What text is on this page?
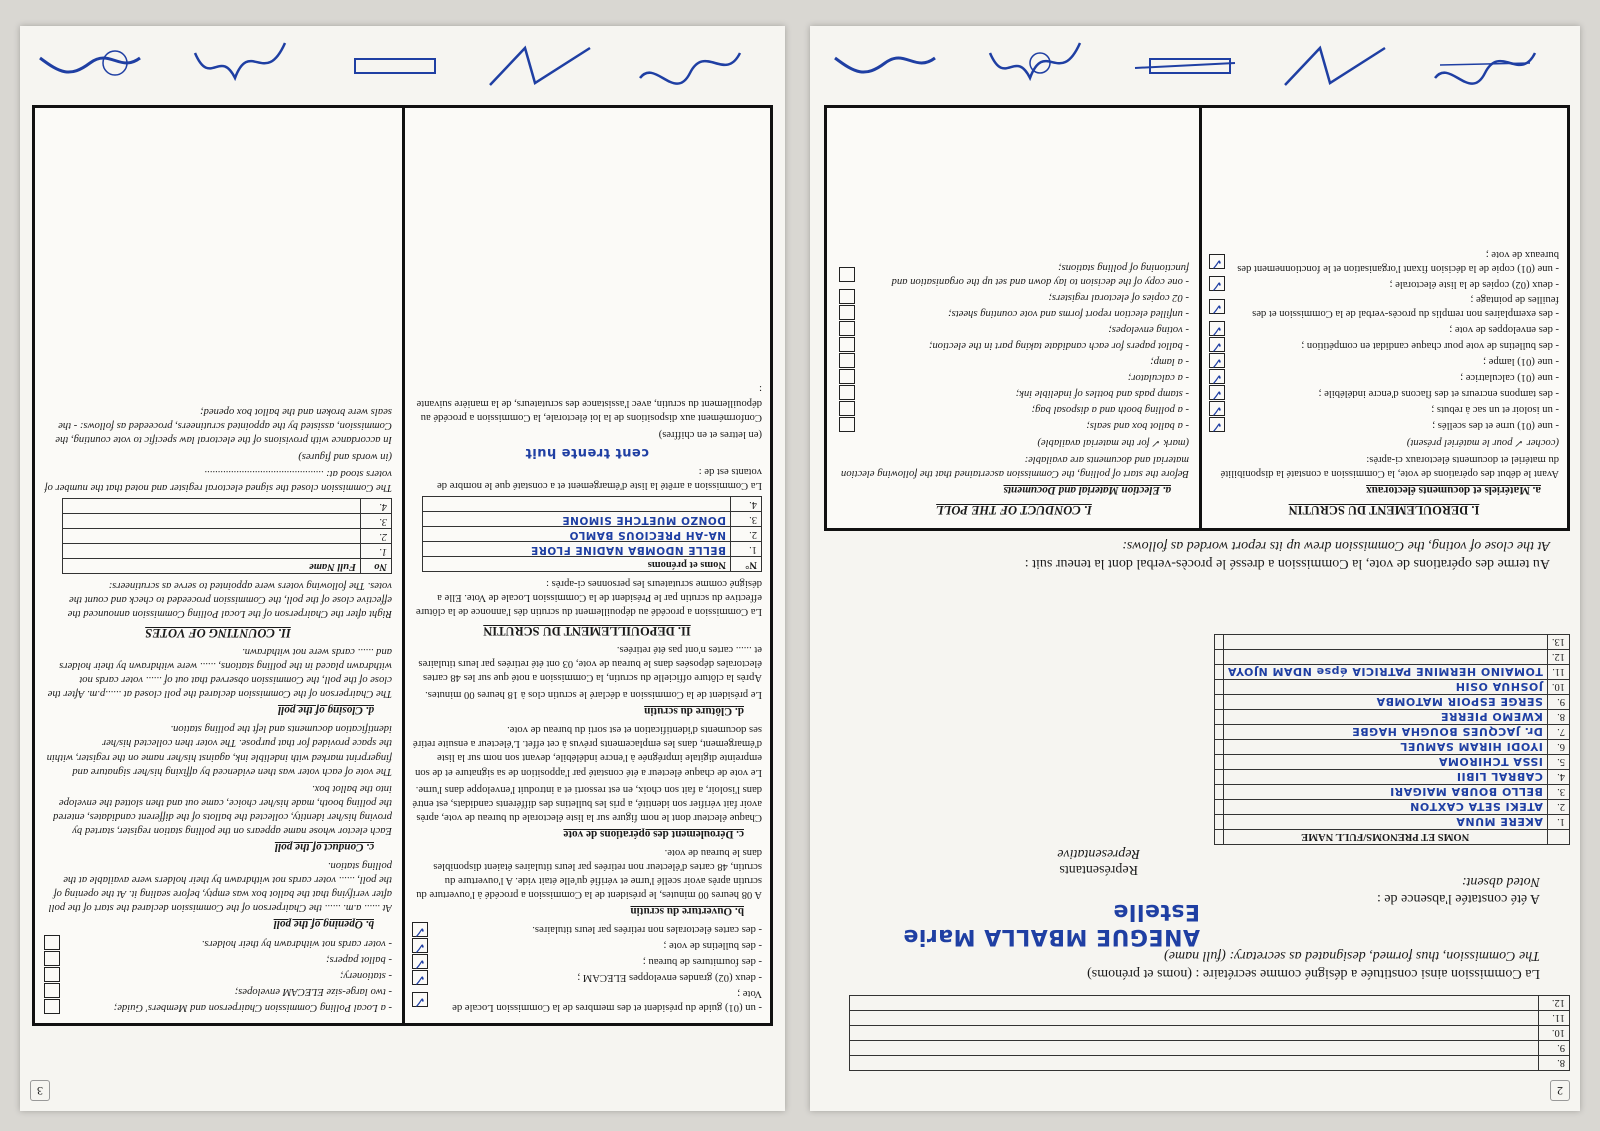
2
8.	
9.	
10.	
11.	
12.	
La Commission ainsi constituée a désigné comme secrétaire : (noms et prénoms)
The Commission, thus formed, designated as secretary: (full name)
ANEGUE MBALLA Marie Estelle
A été constatée l'absence de :
Noted absent:
Représentants
Representative
	NOMS ET PRENOMS/FULL NAME	
1.	AKERE MUNA	
2.	ATEKI SETA CAXTON	
3.	BELLO BOUBA MAIGARI	
4.	CABRAL LIBII	
5.	ISSA TCHIROMA	
6.	IYODI HIRAM SAMUEL	
7.	Dr. JACQUES BOUGHA HAGBE	
8.	KWEMO PIERRE	
9.	SERGE ESPOIR MATOMBA	
10.	JOSHUA OSIH	
11.	TOMAINO HERMINE PATRICIA épse NDAM NJOYA	
12.		
13.		
Au terme des opérations de vote, la Commission a dressé le procès-verbal dont la teneur suit :
At the close of voting, the Commission drew up its report worded as follows:
I. DEROULEMENT DU SCRUTIN
a. Matériels et documents électoraux

Avant le début des opérations de vote, la Commission a constaté la disponibilité du matériel et documents électoraux ci-après:

(cocher ✓ pour le matériel présent)

- une (01) urne et des scellés ;
✓
- un isoloir et un sac à rebuts ;
✓
- des tampons encreurs et des flacons d'encre indélébile ;
✓
- une (01) calculatrice ;
✓
- une (01) lampe ;
✓
- des bulletins de vote pour chaque candidat en compétition ;
✓
- des enveloppes de vote ;
✓
- des exemplaires non remplis du procès-verbal de la Commission et des feuilles de pointage ;
✓
- deux (02) copies de la liste électorale ;
✓
- une (01) copie de la décision fixant l'organisation et le fonctionnement des bureaux de vote ;
✓
I. CONDUCT OF THE POLL
a. Election Material and Documents

Before the start of polling, the Commission ascertained that the following election material and documents are available:

(mark ✓ for the material available)

- a ballot box and seals;
- a polling booth and a disposal bag;
- stamp pads and bottles of indelible ink;
- a calculator;
- a lamp;
- ballot papers for each candidate taking part in the election;
- voting envelopes;
- unfilled election report forms and vote counting sheets;
- 02 copies of electoral registers;
- one copy of the decision to lay down and set up the organisation and functioning of polling stations;
3
- un (01) guide du président et des membres de la Commission Locale de Vote ;
✓
- deux (02) grandes enveloppes ELECAM ;
✓
- des fournitures de bureau ;
✓
- des bulletins de vote ;
✓
- des cartes électorales non retirées par leurs titulaires.
✓
b. Ouverture du scrutin

A 08 heures 00 minutes, le président de la Commission a procédé à l'ouverture du scrutin après avoir scellé l'urne et vérifié qu'elle était vide. A l'ouverture du scrutin, 48 cartes d'électeur non retirées par leurs titulaires étaient disponibles dans le bureau de vote.

c. Déroulement des opérations de vote

Chaque électeur dont le nom figure sur la liste électorale du bureau de vote, après avoir fait vérifier son identité, a pris les bulletins des différents candidats, est entré dans l'isoloir, a fait son choix, en est ressorti et a introduit l'enveloppe dans l'urne.

Le vote de chaque électeur a été constaté par l'apposition de sa signature et de son empreinte digitale imprégnée à l'encre indélébile, devant son nom sur la liste d'émargement, dans les emplacements prévus à cet effet. L'électeur a ensuite retiré ses documents d'identification et est sorti du bureau de vote.

d. Clôture du scrutin

Le président de la Commission a déclaré le scrutin clos à 18 heures 00 minutes.

Après la clôture officielle du scrutin, la Commission a noté que sur les 48 cartes électorales déposées dans le bureau de vote, 03 ont été retirées par leurs titulaires et ...... cartes n'ont pas été retirées.

II. DEPOUILLEMENT DU SCRUTIN

La Commission a procédé au dépouillement du scrutin dès l'annonce de la clôture effective du scrutin par le Président de la Commission Locale de Vote. Elle a désigné comme scrutateurs les personnes ci-après :

N°	Noms et prénoms
1.	BELLE NDOMBA NADINE FLORE
2.	NA-AH PRECIOUS BAMLO
3.	DONZO MUETCHE SIMONE
4.	

La Commission a arrêté la liste d'émargement et a constaté que le nombre de votants est de :

cent trente huit

(en lettres et en chiffres)

Conformément aux dispositions de la loi électorale, la Commission a procédé au dépouillement du scrutin, avec l'assistance des scrutateurs, de la manière suivante :

- a Local Polling Commission Chairperson and Members' Guide;
- two large-size ELECAM envelopes;
- stationery;
- ballot papers;
- voter cards not withdrawn by their holders.
b. Opening of the poll

At ...... a.m. ...... the Chairperson of the Commission declared the start of the poll after verifying that the ballot box was empty, before sealing it. At the opening of the poll, ...... voter cards not withdrawn by their holders were available at the polling station.

c. Conduct of the poll

Each elector whose name appears on the polling station register, started by proving his/her identity, collected the ballots of the different candidates, entered the polling booth, made his/her choice, came out and then slotted the envelope into the ballot box.

The vote of each voter was then evidenced by affixing his/her signature and fingerprint marked with indelible ink, against his/her name on the register, within the space provided for that purpose. The voter then collected his/her identification documents and left the polling station.

d. Closing of the poll

The Chairperson of the Commission declared the poll closed at ......p.m. After the close of the poll, the Commission observed that out of ...... voter cards not withdrawn placed in the polling stations, ...... were withdrawn by their holders and ...... cards were not withdrawn.

II. COUNTING OF VOTES

Right after the Chairperson of the Local Polling Commission announced the effective close of the poll, the Commission proceeded to check and count the votes. The following voters were appointed to serve as scrutineers:

No	Full Name
1.	
2.	
3.	
4.	

The Commission closed the signed electoral register and noted that the number of voters stood at: .............................................

(in words and figures)

In accordance with provisions of the electoral law specific to vote counting, the Commission, assisted by the appointed scrutineers, proceeded as follows: - the seals were broken and the ballot box opened;
